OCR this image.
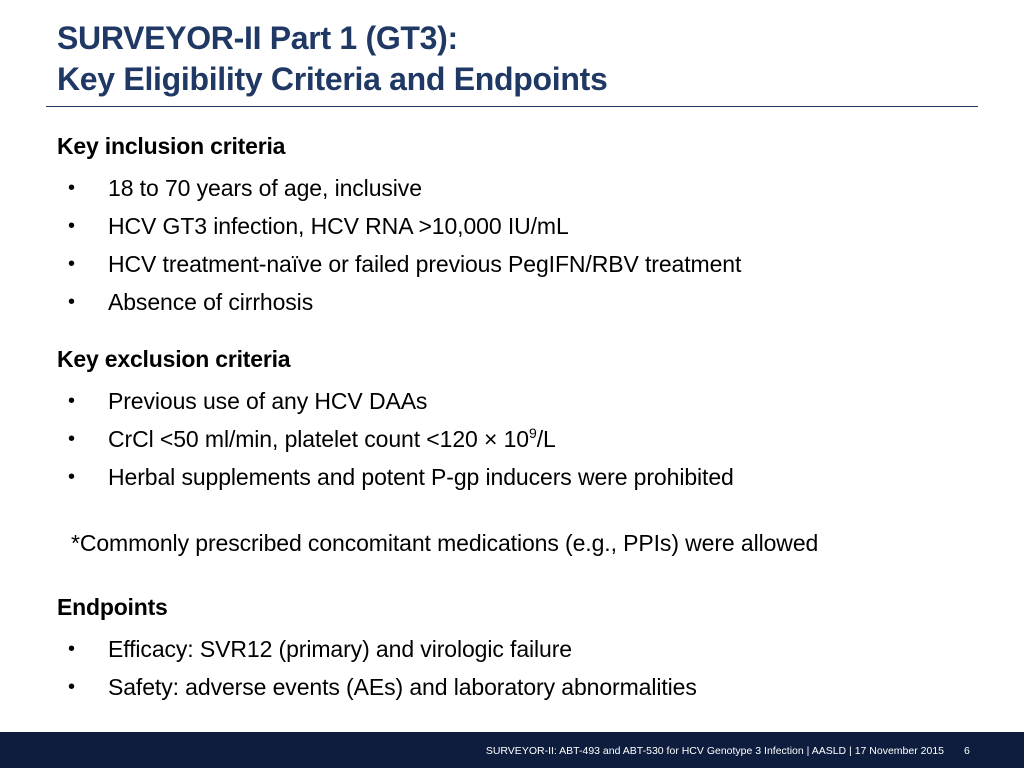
SURVEYOR-II Part 1 (GT3):
Key Eligibility Criteria and Endpoints
Key inclusion criteria
• 18 to 70 years of age, inclusive
• HCV GT3 infection, HCV RNA >10,000 IU/mL
• HCV treatment-naïve or failed previous PegIFN/RBV treatment
• Absence of cirrhosis
Key exclusion criteria
• Previous use of any HCV DAAs
• CrCl <50 ml/min, platelet count $<120 \times 10^9/L$
• Herbal supplements and potent P-gp inducers were prohibited
*Commonly prescribed concomitant medications (e.g., PPIs) were allowed
Endpoints
• Efficacy: SVR12 (primary) and virologic failure
• Safety: adverse events (AEs) and laboratory abnormalities
SURVEYOR-II: ABT-493 and ABT-530 for HCV Genotype 3 Infection | AASLD | 17 November 2015 6
